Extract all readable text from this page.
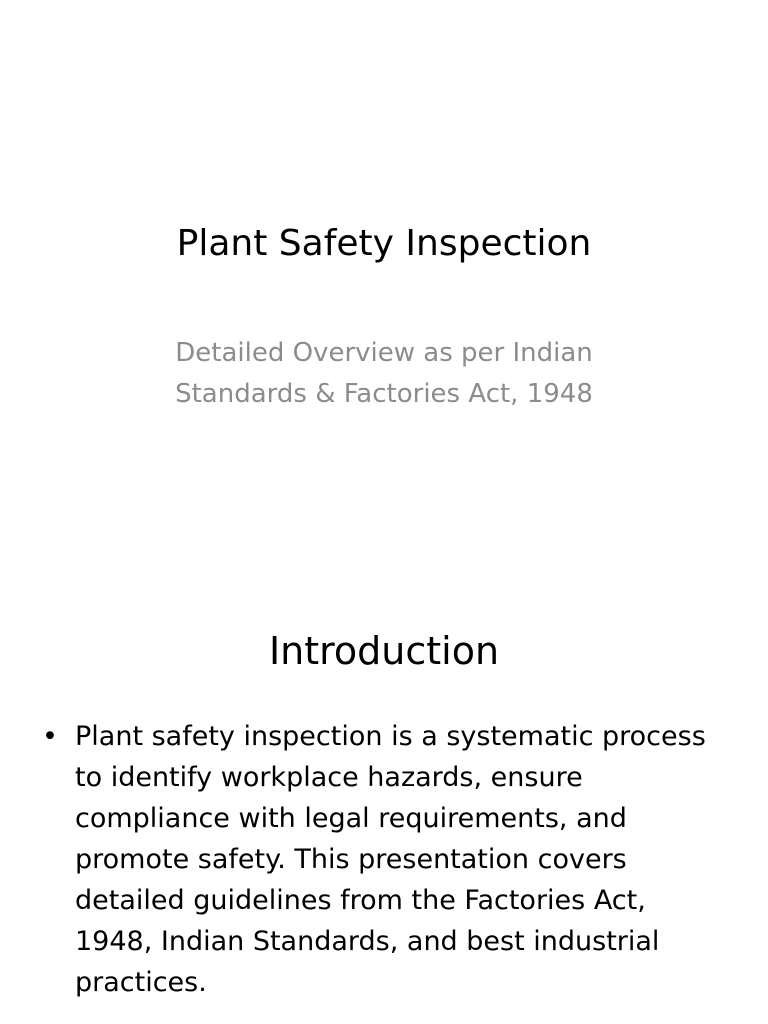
Plant Safety Inspection
Detailed Overview as per Indian
Standards & Factories Act, 1948
Introduction
• Plant safety inspection is a systematic process
to identify workplace hazards, ensure
compliance with legal requirements, and
promote safety. This presentation covers
detailed guidelines from the Factories Act,
1948, Indian Standards, and best industrial
practices.
